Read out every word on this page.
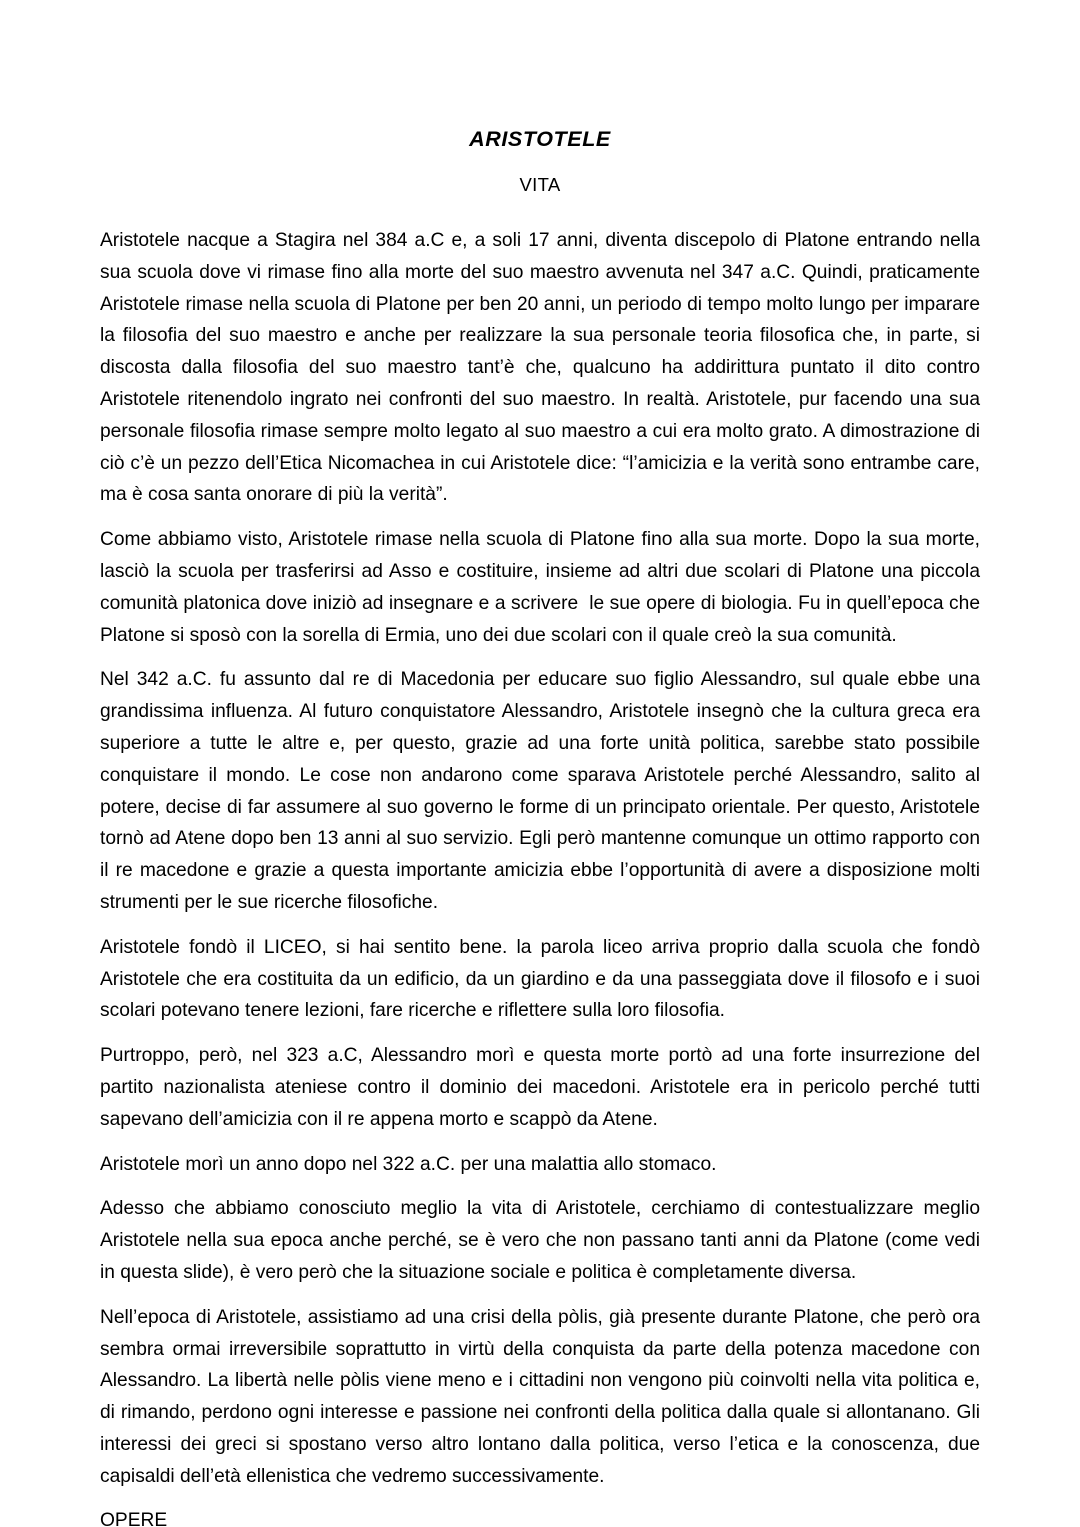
ARISTOTELE
VITA

Aristotele nacque a Stagira nel 384 a.C e, a soli 17 anni, diventa discepolo di Platone entrando nella sua scuola dove vi rimase fino alla morte del suo maestro avvenuta nel 347 a.C. Quindi, praticamente Aristotele rimase nella scuola di Platone per ben 20 anni, un periodo di tempo molto lungo per imparare la filosofia del suo maestro e anche per realizzare la sua personale teoria filosofica che, in parte, si discosta dalla filosofia del suo maestro tant’è che, qualcuno ha addirittura puntato il dito contro Aristotele ritenendolo ingrato nei confronti del suo maestro. In realtà. Aristotele, pur facendo una sua personale filosofia rimase sempre molto legato al suo maestro a cui era molto grato. A dimostrazione di ciò c’è un pezzo dell’Etica Nicomachea in cui Aristotele dice: “l’amicizia e la verità sono entrambe care, ma è cosa santa onorare di più la verità”.

Come abbiamo visto, Aristotele rimase nella scuola di Platone fino alla sua morte. Dopo la sua morte, lasciò la scuola per trasferirsi ad Asso e costituire, insieme ad altri due scolari di Platone una piccola comunità platonica dove iniziò ad insegnare e a scrivere  le sue opere di biologia. Fu in quell’epoca che Platone si sposò con la sorella di Ermia, uno dei due scolari con il quale creò la sua comunità.

Nel 342 a.C. fu assunto dal re di Macedonia per educare suo figlio Alessandro, sul quale ebbe una grandissima influenza. Al futuro conquistatore Alessandro, Aristotele insegnò che la cultura greca era superiore a tutte le altre e, per questo, grazie ad una forte unità politica, sarebbe stato possibile conquistare il mondo. Le cose non andarono come sparava Aristotele perché Alessandro, salito al potere, decise di far assumere al suo governo le forme di un principato orientale. Per questo, Aristotele tornò ad Atene dopo ben 13 anni al suo servizio. Egli però mantenne comunque un ottimo rapporto con il re macedone e grazie a questa importante amicizia ebbe l’opportunità di avere a disposizione molti strumenti per le sue ricerche filosofiche.

Aristotele fondò il LICEO, si hai sentito bene. la parola liceo arriva proprio dalla scuola che fondò Aristotele che era costituita da un edificio, da un giardino e da una passeggiata dove il filosofo e i suoi scolari potevano tenere lezioni, fare ricerche e riflettere sulla loro filosofia.

Purtroppo, però, nel 323 a.C, Alessandro morì e questa morte portò ad una forte insurrezione del partito nazionalista ateniese contro il dominio dei macedoni. Aristotele era in pericolo perché tutti sapevano dell’amicizia con il re appena morto e scappò da Atene.

Aristotele morì un anno dopo nel 322 a.C. per una malattia allo stomaco.

Adesso che abbiamo conosciuto meglio la vita di Aristotele, cerchiamo di contestualizzare meglio Aristotele nella sua epoca anche perché, se è vero che non passano tanti anni da Platone (come vedi in questa slide), è vero però che la situazione sociale e politica è completamente diversa.

Nell’epoca di Aristotele, assistiamo ad una crisi della pòlis, già presente durante Platone, che però ora sembra ormai irreversibile soprattutto in virtù della conquista da parte della potenza macedone con Alessandro. La libertà nelle pòlis viene meno e i cittadini non vengono più coinvolti nella vita politica e, di rimando, perdono ogni interesse e passione nei confronti della politica dalla quale si allontanano. Gli interessi dei greci si spostano verso altro lontano dalla politica, verso l’etica e la conoscenza, due capisaldi dell’età ellenistica che vedremo successivamente.

OPERE
